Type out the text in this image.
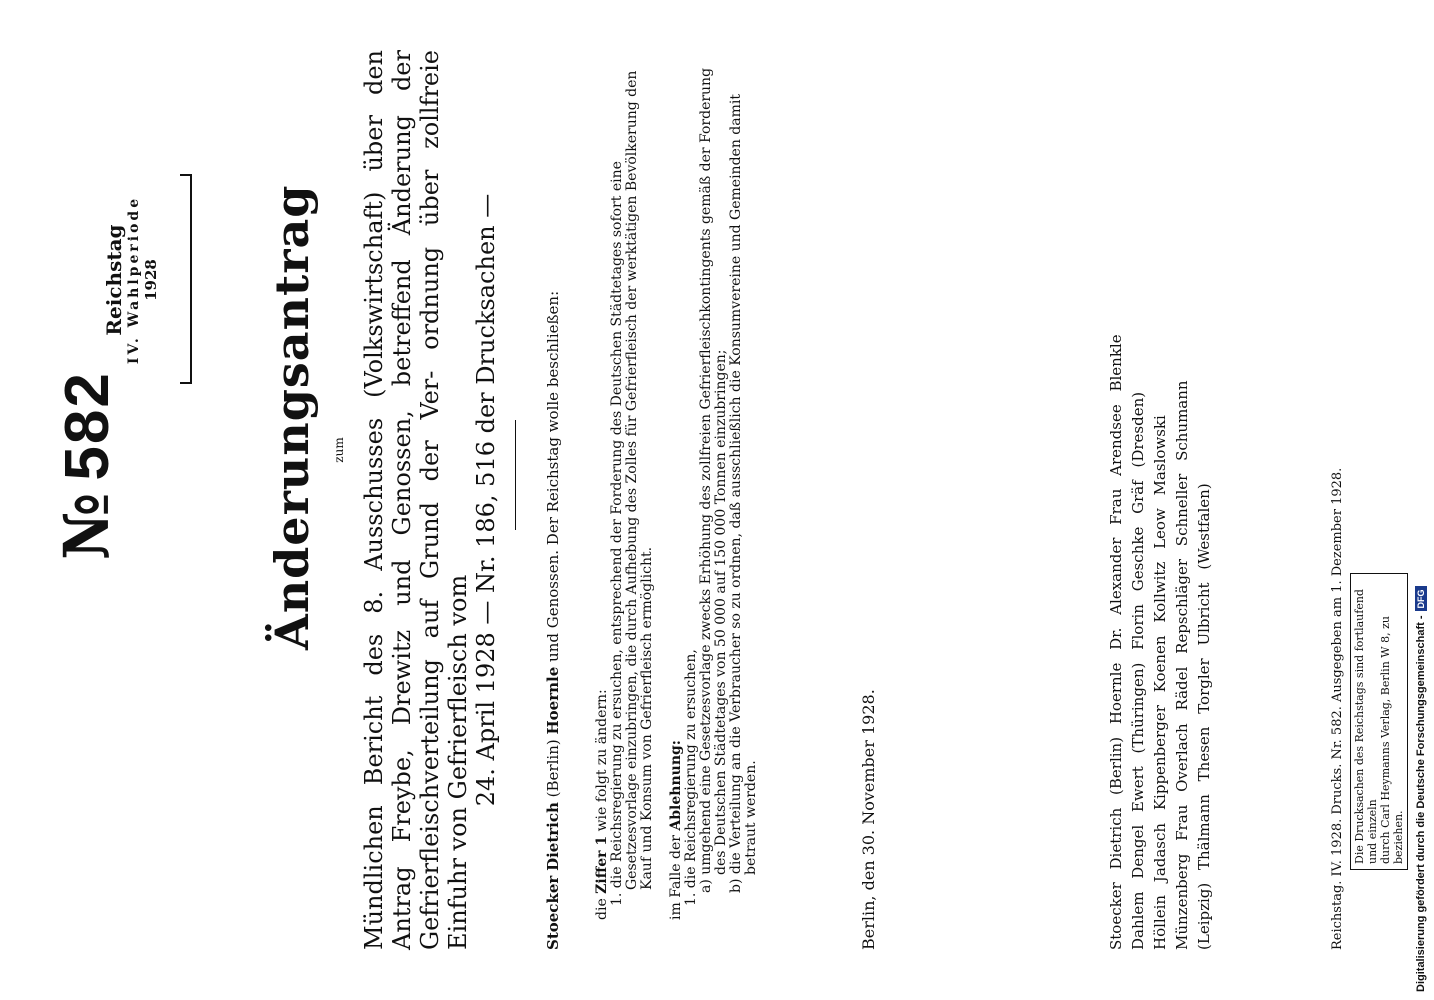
№582
Reichstag IV. Wahlperiode 1928 Änderungsantrag zum Mündlichen Bericht des 8. Ausschusses (Volkswirtschaft) über den Antrag Freybe, Drewitz und Genossen, betreffend Änderung der Gefrierfleischverteilung auf Grund der Ver- ordnung über zollfreie Einfuhr von Gefrierfleisch vom 24. April 1928 — Nr. 186, 516 der Drucksachen —
Stoecker Dietrich (Berlin) Hoernle und Genossen. Der Reichstag wolle beschließen:
die Ziffer 1 wie folgt zu ändern: 1. die Reichsregierung zu ersuchen, entsprechend der Forderung des Deutschen Städtetages sofort eine Gesetzesvorlage einzubringen, die durch Aufhebung des Zolles für Gefrierfleisch der werktätigen Bevölkerung den Kauf und Konsum von Gefrierfleisch ermöglicht. im Falle der Ablehnung: 1. die Reichsregierung zu ersuchen, a) umgehend eine Gesetzesvorlage zwecks Erhöhung des zollfreien Gefrierfleischkontingents gemäß der Forderung des Deutschen Städtetages von 50 000 auf 150 000 Tonnen einzubringen; b) die Verteilung an die Verbraucher so zu ordnen, daß ausschließlich die Konsumvereine und Gemeinden damit betraut werden.	Berlin, den 30. November 1928.	Stoecker Dietrich (Berlin) Hoernle Dr. Alexander Frau Arendsee Blenkle Dahlem Dengel Ewert (Thüringen) Florin Geschke Gräf (Dresden) Höllein Jadasch Kippenberger Koenen Kollwitz Leow Maslowski Münzenberg Frau Overlach Rädel Repschläger Schneller Schumann (Leipzig) Thälmann Thesen Torgler Ulbricht (Westfalen)	Reichstag. IV. 1928. Drucks. Nr. 582. Ausgegeben am 1. Dezember 1928. Die Drucksachen des Reichstags sind fortlaufend und einzeln durch Carl Heymanns Verlag, Berlin W 8, zu beziehen. Digitalisierung gefördert durch die Deutsche Forschungsgemeinschaft -
DFG
